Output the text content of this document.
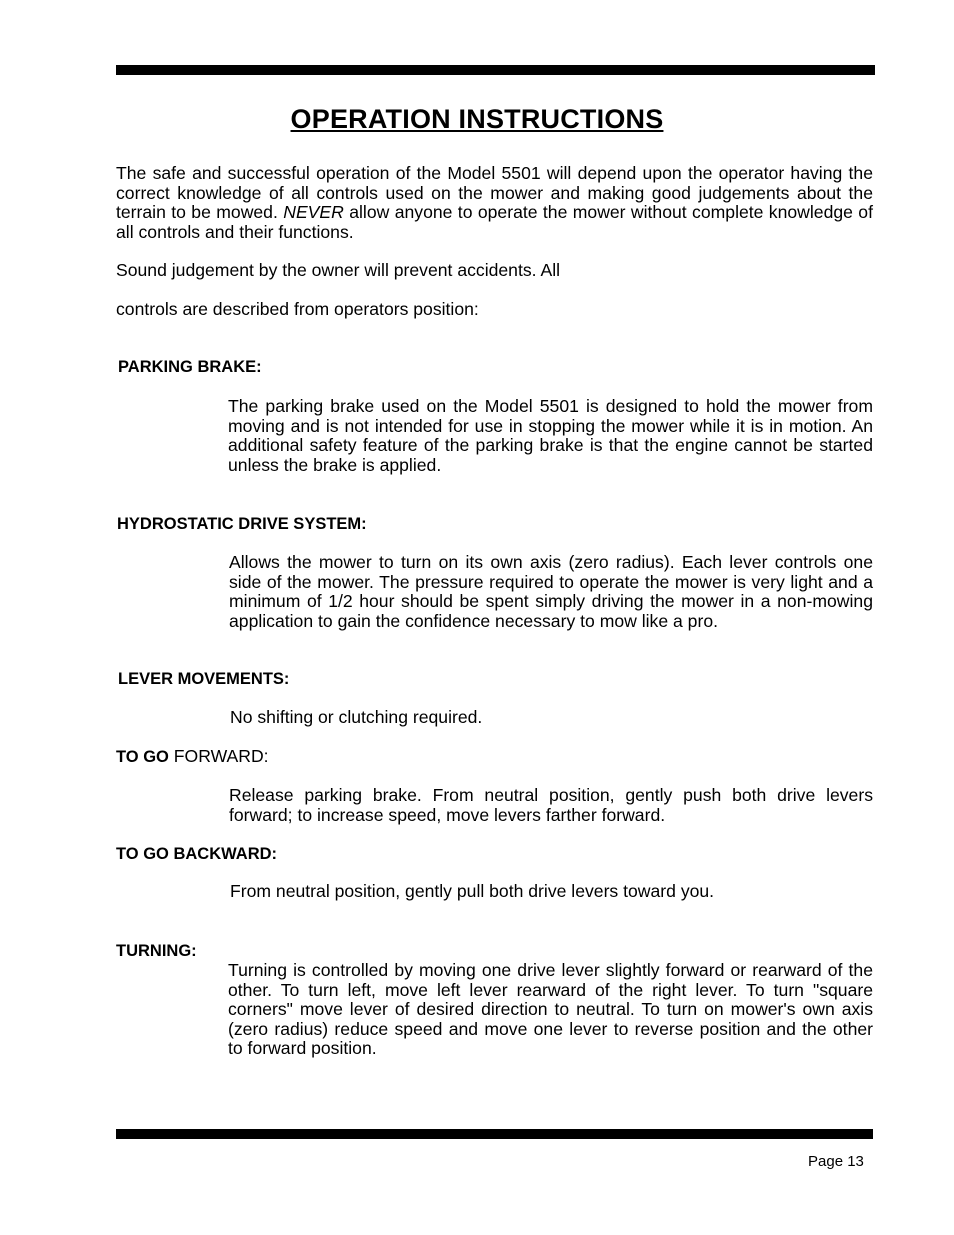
OPERATION INSTRUCTIONS
The safe and successful operation of the Model 5501 will depend upon the operator having the correct knowledge of all controls used on the mower and making good judgements about the terrain to be mowed. NEVER allow anyone to operate the mower without complete knowledge of all controls and their functions.
Sound judgement by the owner will prevent accidents. All
controls are described from operators position:
PARKING BRAKE:
The parking brake used on the Model 5501 is designed to hold the mower from moving and is not intended for use in stopping the mower while it is in motion. An additional safety feature of the parking brake is that the engine cannot be started unless the brake is applied.
HYDROSTATIC DRIVE SYSTEM:
Allows the mower to turn on its own axis (zero radius). Each lever controls one side of the mower. The pressure required to operate the mower is very light and a minimum of 1/2 hour should be spent simply driving the mower in a non-mowing application to gain the confidence necessary to mow like a pro.
LEVER MOVEMENTS:
No shifting or clutching required.
TO GO FORWARD:
Release parking brake. From neutral position, gently push both drive levers forward; to increase speed, move levers farther forward.
TO GO BACKWARD:
From neutral position, gently pull both drive levers toward you.
TURNING:
Turning is controlled by moving one drive lever slightly forward or rearward of the other. To turn left, move left lever rearward of the right lever. To turn "square corners" move lever of desired direction to neutral. To turn on mower's own axis (zero radius) reduce speed and move one lever to reverse position and the other to forward position.
Page 13
